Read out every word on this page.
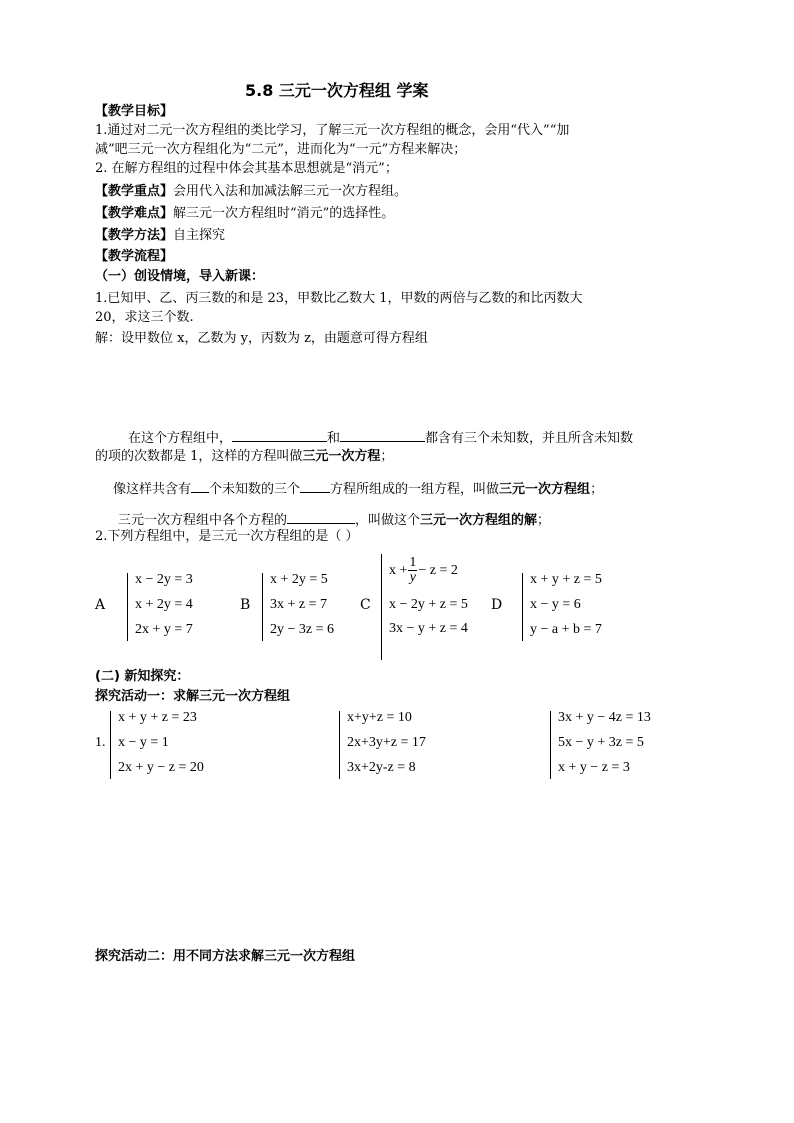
5.8 三元一次方程组 学案
【教学目标】
1.通过对二元一次方程组的类比学习，了解三元一次方程组的概念，会用“代入”“加
减”吧三元一次方程组化为“二元”，进而化为“一元”方程来解决；
2. 在解方程组的过程中体会其基本思想就是“消元”；
【教学重点】会用代入法和加减法解三元一次方程组。
【教学难点】解三元一次方程组时“消元”的选择性。
【教学方法】自主探究
【教学流程】
（一）创设情境，导入新课：
1.已知甲、乙、丙三数的和是 23，甲数比乙数大 1，甲数的两倍与乙数的和比丙数大
20，求这三个数.
解：设甲数位 x，乙数为 y，丙数为 z，由题意可得方程组
在这个方程组中，	和	都含有三个未知数，并且所含未知数
的项的次数都是 1，这样的方程叫做三元一次方程；
像这样共含有 个未知数的三个 方程所组成的一组方程，叫做三元一次方程组；
三元一次方程组中各个方程的	，叫做这个三元一次方程组的解；
2.下列方程组中，是三元一次方程组的是（ ）
A
x − 2y = 3
x + 2y = 4
2x + y = 7
B
x + 2y = 5
3x + z = 7
2y − 3z = 6
C
$x + \frac{1}{y} - z = 2$
x − 2y + z = 5
3x − y + z = 4
D
x + y + z = 5
x − y = 6
y − a + b = 7
(二) 新知探究：
探究活动一：求解三元一次方程组
1.
x + y + z = 23
x − y = 1
2x + y − z = 20
x+y+z = 10
2x+3y+z = 17
3x+2y-z = 8
3x + y − 4z = 13
5x − y + 3z = 5
x + y − z = 3
探究活动二：用不同方法求解三元一次方程组
